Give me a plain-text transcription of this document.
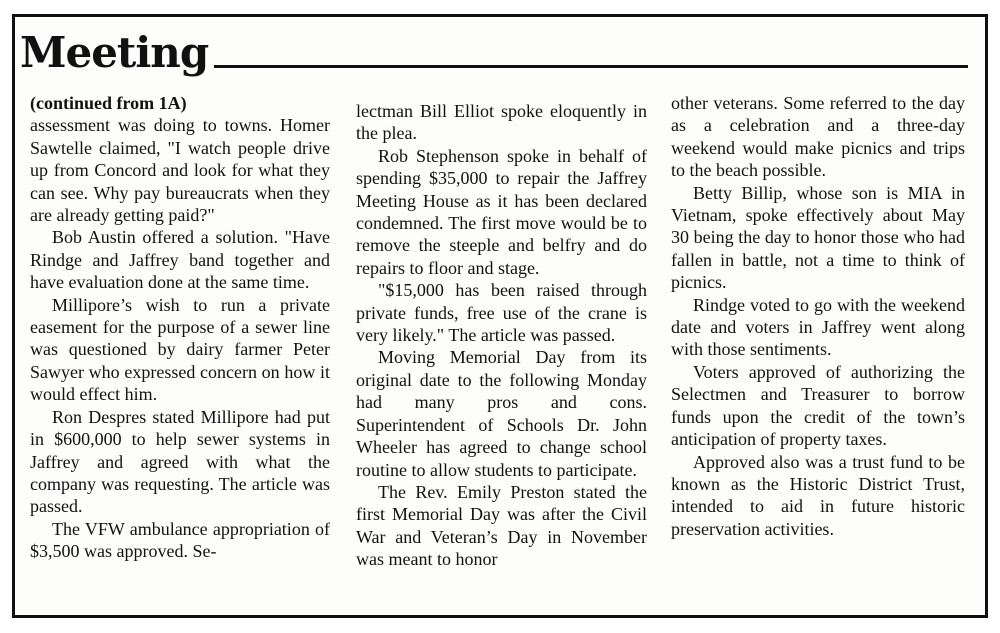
Meeting

(continued from 1A)

assessment was doing to towns. Homer Sawtelle claimed, "I watch people drive up from Concord and look for what they can see. Why pay bureaucrats when they are already getting paid?"

Bob Austin offered a solution. "Have Rindge and Jaffrey band together and have evaluation done at the same time.

Millipore’s wish to run a private easement for the purpose of a sewer line was questioned by dairy farmer Peter Sawyer who expressed concern on how it would effect him.

Ron Despres stated Millipore had put in $600,000 to help sewer systems in Jaffrey and agreed with what the company was requesting. The article was passed.

The VFW ambulance appropriation of $3,500 was approved. Se-

lectman Bill Elliot spoke eloquently in the plea.

Rob Stephenson spoke in behalf of spending $35,000 to repair the Jaffrey Meeting House as it has been declared condemned. The first move would be to remove the steeple and belfry and do repairs to floor and stage.

"$15,000 has been raised through private funds, free use of the crane is very likely." The article was passed.

Moving Memorial Day from its original date to the following Monday had many pros and cons. Superintendent of Schools Dr. John Wheeler has agreed to change school routine to allow students to participate.

The Rev. Emily Preston stated the first Memorial Day was after the Civil War and Veteran’s Day in November was meant to honor

other veterans. Some referred to the day as a celebration and a three-day weekend would make picnics and trips to the beach possible.

Betty Billip, whose son is MIA in Vietnam, spoke effectively about May 30 being the day to honor those who had fallen in battle, not a time to think of picnics.

Rindge voted to go with the weekend date and voters in Jaffrey went along with those sentiments.

Voters approved of authorizing the Selectmen and Treasurer to borrow funds upon the credit of the town’s anticipation of property taxes.

Approved also was a trust fund to be known as the Historic District Trust, intended to aid in future historic preservation activities.
